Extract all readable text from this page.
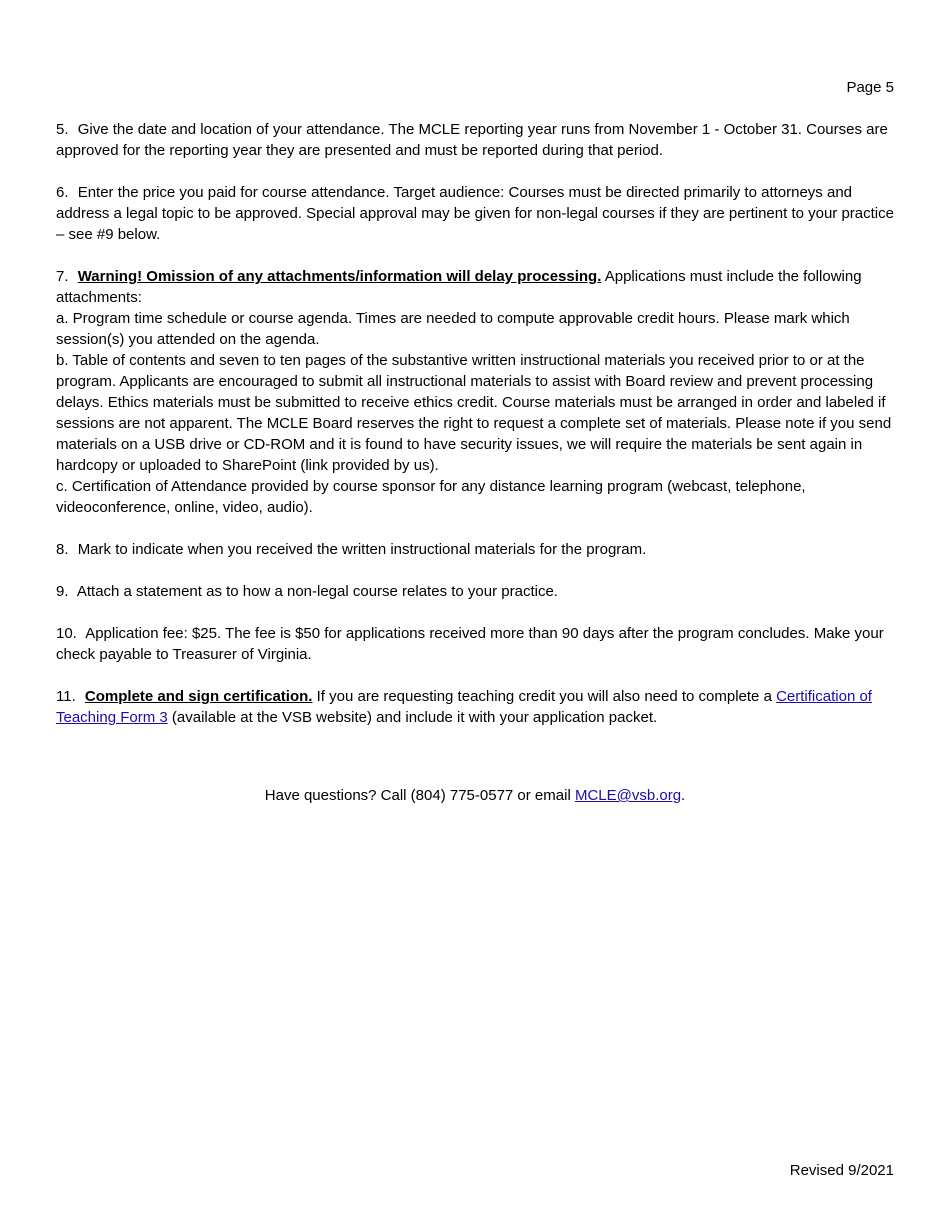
Page 5

5. Give the date and location of your attendance. The MCLE reporting year runs from November 1 - October 31. Courses are approved for the reporting year they are presented and must be reported during that period.

6. Enter the price you paid for course attendance. Target audience: Courses must be directed primarily to attorneys and address a legal topic to be approved. Special approval may be given for non-legal courses if they are pertinent to your practice – see #9 below.

7. Warning! Omission of any attachments/information will delay processing. Applications must include the following attachments:

a. Program time schedule or course agenda. Times are needed to compute approvable credit hours. Please mark which session(s) you attended on the agenda.

b. Table of contents and seven to ten pages of the substantive written instructional materials you received prior to or at the program. Applicants are encouraged to submit all instructional materials to assist with Board review and prevent processing delays. Ethics materials must be submitted to receive ethics credit. Course materials must be arranged in order and labeled if sessions are not apparent. The MCLE Board reserves the right to request a complete set of materials. Please note if you send materials on a USB drive or CD-ROM and it is found to have security issues, we will require the materials be sent again in hardcopy or uploaded to SharePoint (link provided by us).

c. Certification of Attendance provided by course sponsor for any distance learning program (webcast, telephone, videoconference, online, video, audio).

8. Mark to indicate when you received the written instructional materials for the program.

9. Attach a statement as to how a non-legal course relates to your practice.

10. Application fee: $25. The fee is $50 for applications received more than 90 days after the program concludes. Make your check payable to Treasurer of Virginia.

11. Complete and sign certification. If you are requesting teaching credit you will also need to complete a Certification of Teaching Form 3 (available at the VSB website) and include it with your application packet.

Have questions? Call (804) 775-0577 or email MCLE@vsb.org.
Revised 9/2021
